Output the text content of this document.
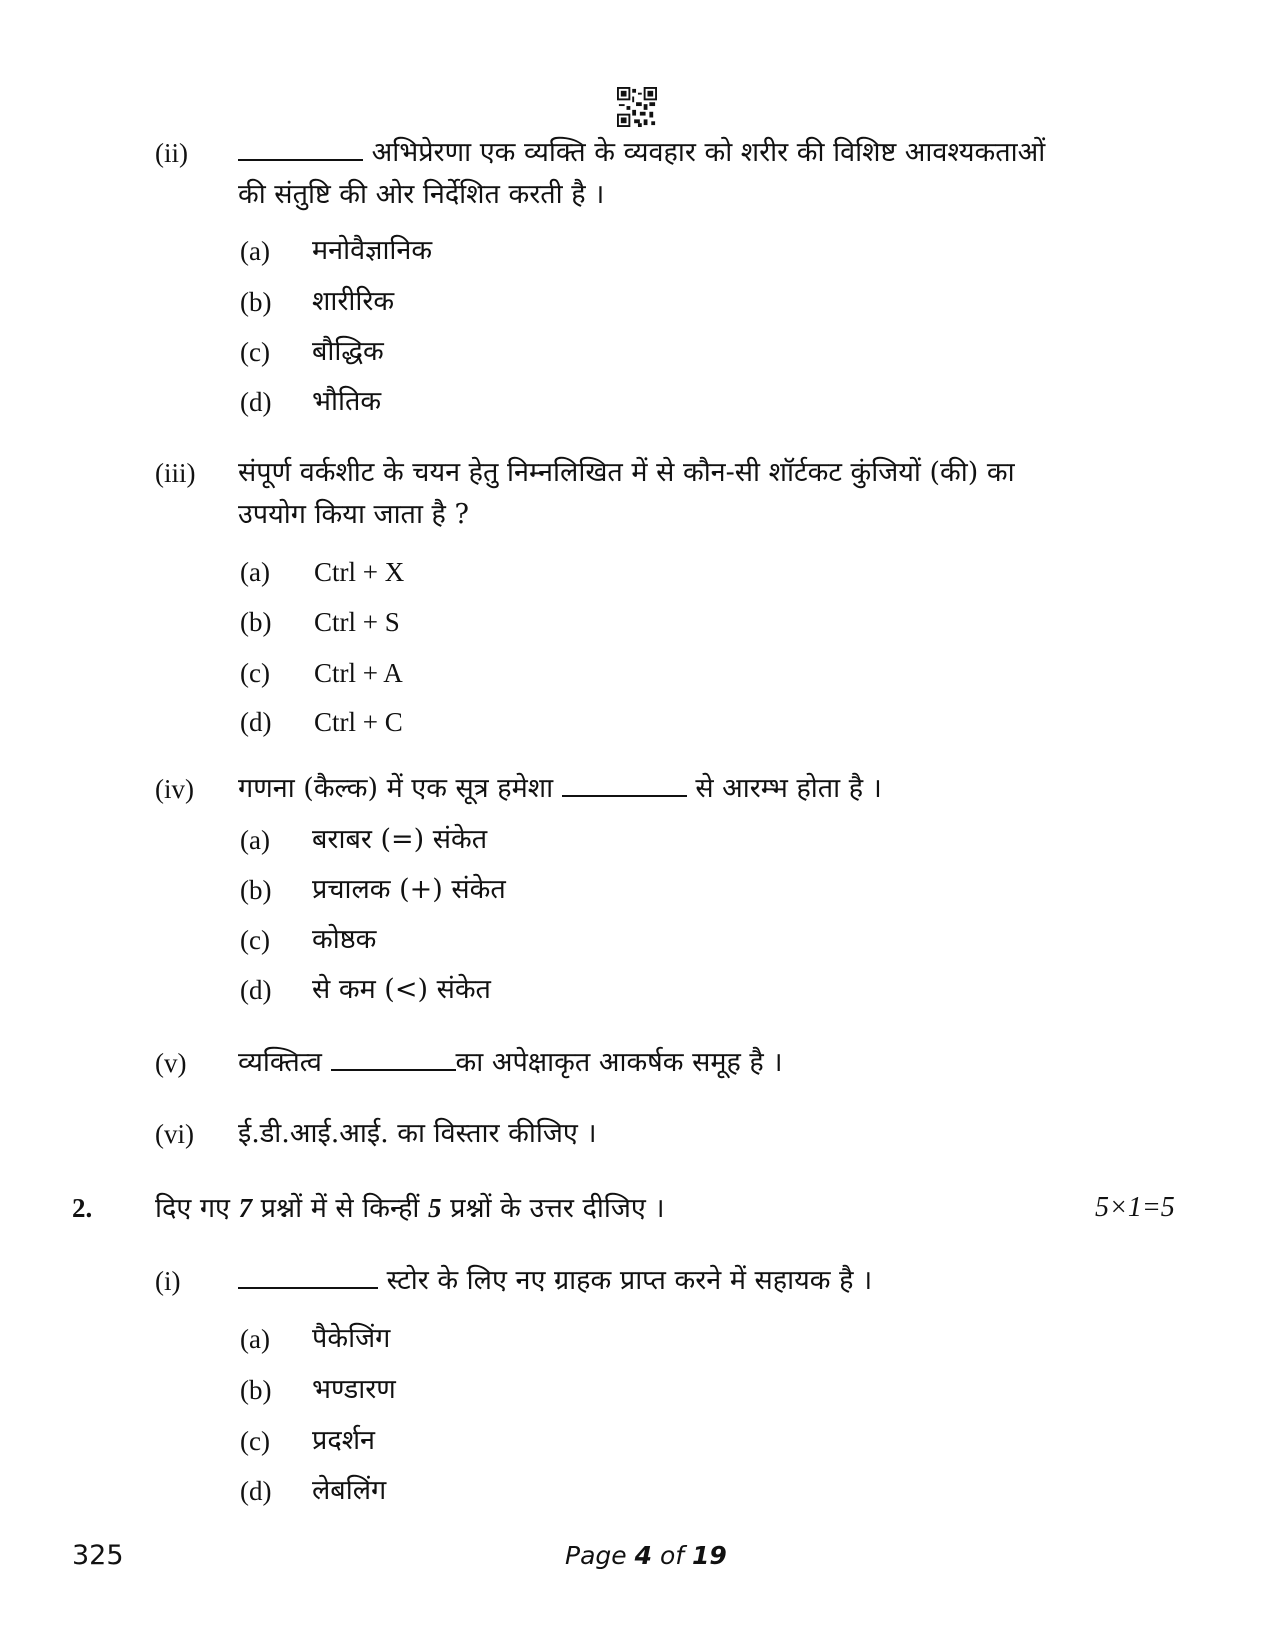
(ii)	अभिप्रेरणा एक व्यक्ति के व्यवहार को शरीर की विशिष्ट आवश्यकताओं
की संतुष्टि की ओर निर्देशित करती है ।
(a) मनोवैज्ञानिक
(b) शारीरिक
(c) बौद्धिक
(d) भौतिक
(iii) संपूर्ण वर्कशीट के चयन हेतु निम्नलिखित में से कौन-सी शॉर्टकट कुंजियों (की) का
उपयोग किया जाता है ?
(a) Ctrl + X
(b) Ctrl + S
(c) Ctrl + A
(d) Ctrl + C
(iv) गणना (कैल्क) में एक सूत्र हमेशा	से आरम्भ होता है ।
(a) बराबर (=) संकेत
(b) प्रचालक (+) संकेत
(c) कोष्ठक
(d) से कम (<) संकेत
(v) व्यक्तित्व	का अपेक्षाकृत आकर्षक समूह है ।
(vi) ई.डी.आई.आई. का विस्तार कीजिए ।
2. दिए गए 7 प्रश्नों में से किन्हीं 5 प्रश्नों के उत्तर दीजिए ।	5×1=5
(i)	स्टोर के लिए नए ग्राहक प्राप्त करने में सहायक है ।
(a) पैकेजिंग
(b) भण्डारण
(c) प्रदर्शन
(d) लेबलिंग
325	Page 4 of 19
